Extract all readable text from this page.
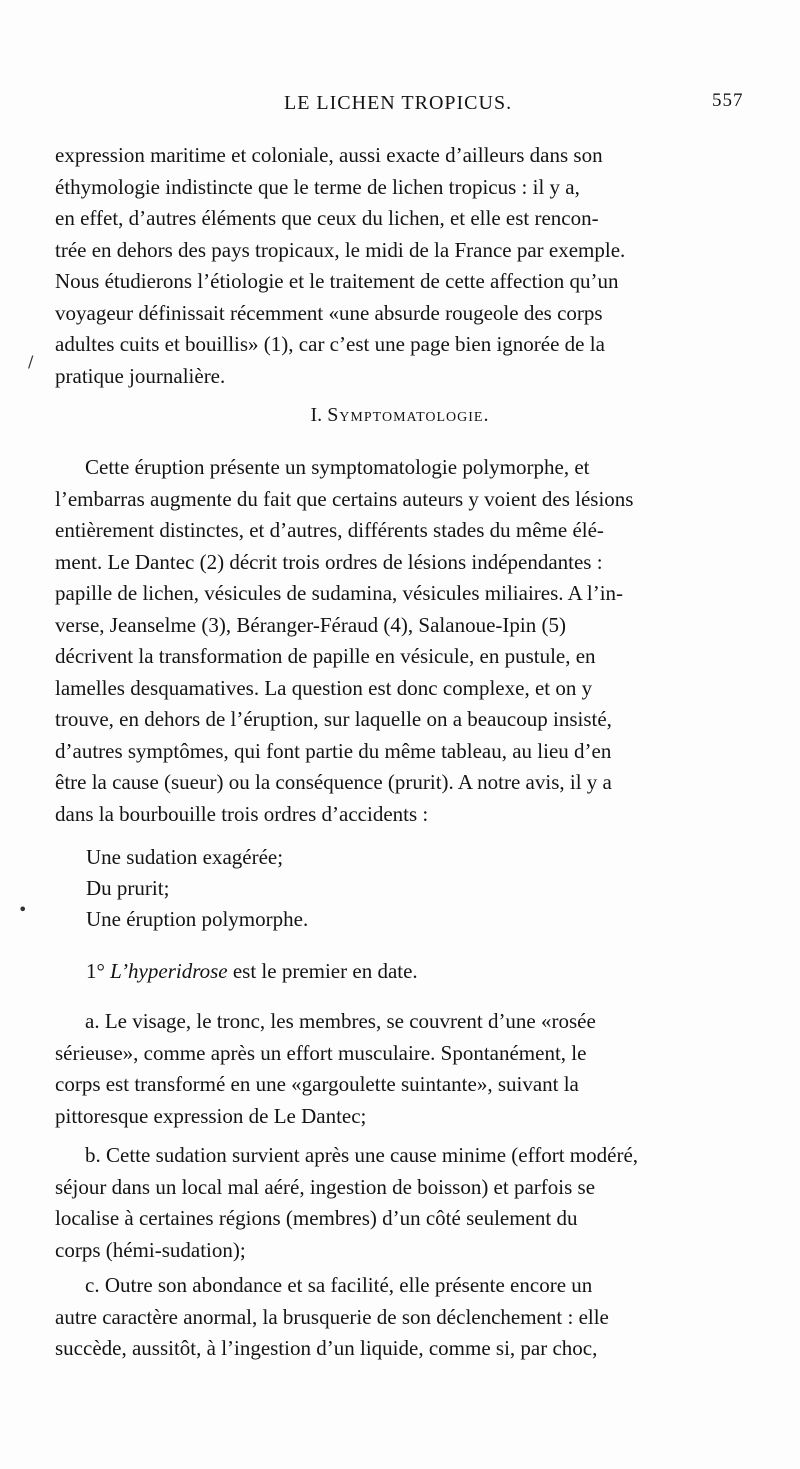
LE LICHEN TROPICUS.	557
expression maritime et coloniale, aussi exacte d’ailleurs dans son
éthymologie indistincte que le terme de lichen tropicus : il y a,
en effet, d’autres éléments que ceux du lichen, et elle est rencon-
trée en dehors des pays tropicaux, le midi de la France par exemple.
Nous étudierons l’étiologie et le traitement de cette affection qu’un
voyageur définissait récemment «une absurde rougeole des corps
adultes cuits et bouillis» (1), car c’est une page bien ignorée de la
pratique journalière.
I. Symptomatologie.
Cette éruption présente un symptomatologie polymorphe, et
l’embarras augmente du fait que certains auteurs y voient des lésions
entièrement distinctes, et d’autres, différents stades du même élé-
ment. Le Dantec (2) décrit trois ordres de lésions indépendantes :
papille de lichen, vésicules de sudamina, vésicules miliaires. A l’in-
verse, Jeanselme (3), Béranger-Féraud (4), Salanoue-Ipin (5)
décrivent la transformation de papille en vésicule, en pustule, en
lamelles desquamatives. La question est donc complexe, et on y
trouve, en dehors de l’éruption, sur laquelle on a beaucoup insisté,
d’autres symptômes, qui font partie du même tableau, au lieu d’en
être la cause (sueur) ou la conséquence (prurit). A notre avis, il y a
dans la bourbouille trois ordres d’accidents :
Une sudation exagérée;
Du prurit;
Une éruption polymorphe.
1° L’hyperidrose est le premier en date.
a. Le visage, le tronc, les membres, se couvrent d’une «rosée
sérieuse», comme après un effort musculaire. Spontanément, le
corps est transformé en une «gargoulette suintante», suivant la
pittoresque expression de Le Dantec;
b. Cette sudation survient après une cause minime (effort modéré,
séjour dans un local mal aéré, ingestion de boisson) et parfois se
localise à certaines régions (membres) d’un côté seulement du
corps (hémi-sudation);
c. Outre son abondance et sa facilité, elle présente encore un
autre caractère anormal, la brusquerie de son déclenchement : elle
succède, aussitôt, à l’ingestion d’un liquide, comme si, par choc,
/
•
